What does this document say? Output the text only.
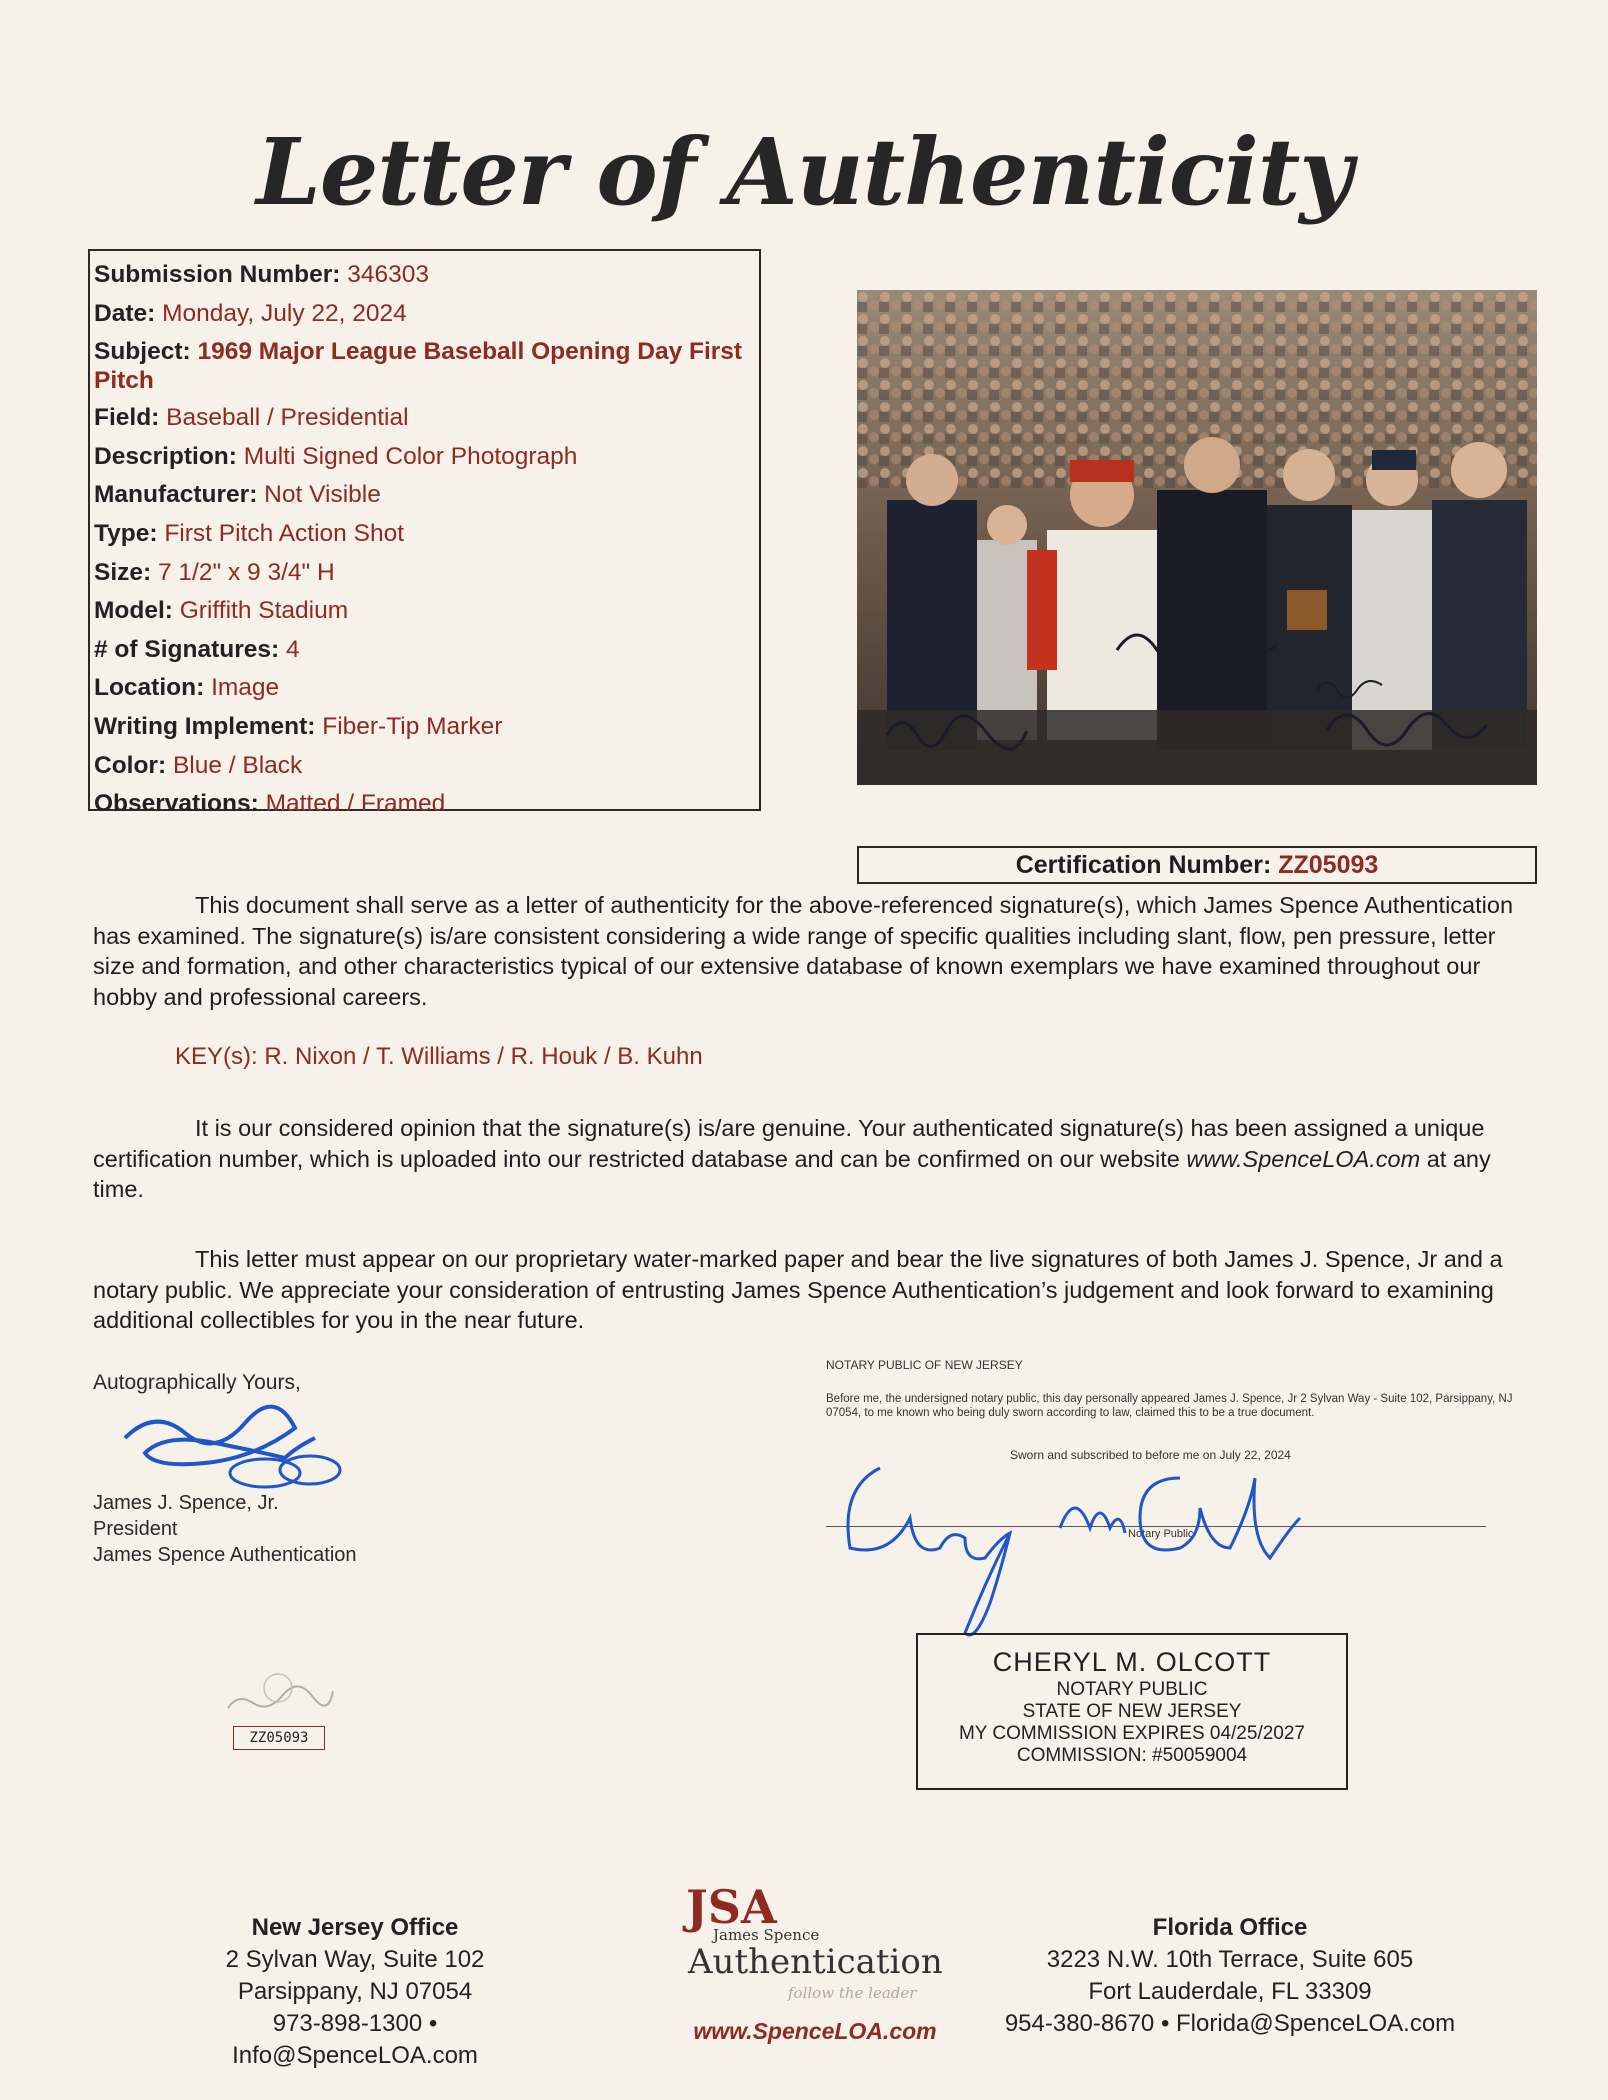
Letter of Authenticity
Submission Number: 346303
Date: Monday, July 22, 2024
Subject: 1969 Major League Baseball Opening Day First Pitch
Field: Baseball / Presidential
Description: Multi Signed Color Photograph
Manufacturer: Not Visible
Type: First Pitch Action Shot
Size: 7 1/2" x 9 3/4" H
Model: Griffith Stadium
# of Signatures: 4
Location: Image
Writing Implement: Fiber-Tip Marker
Color: Blue / Black
Observations: Matted / Framed
Certification Number: ZZ05093
This document shall serve as a letter of authenticity for the above-referenced signature(s), which James Spence Authentication has examined. The signature(s) is/are consistent considering a wide range of specific qualities including slant, flow, pen pressure, letter size and formation, and other characteristics typical of our extensive database of known exemplars we have examined throughout our hobby and professional careers.
KEY(s): R. Nixon / T. Williams / R. Houk / B. Kuhn
It is our considered opinion that the signature(s) is/are genuine. Your authenticated signature(s) has been assigned a unique certification number, which is uploaded into our restricted database and can be confirmed on our website www.SpenceLOA.com at any time.
This letter must appear on our proprietary water-marked paper and bear the live signatures of both James J. Spence, Jr and a notary public. We appreciate your consideration of entrusting James Spence Authentication’s judgement and look forward to examining additional collectibles for you in the near future.
Autographically Yours,
James J. Spence, Jr.
President
James Spence Authentication
NOTARY PUBLIC OF NEW JERSEY
Before me, the undersigned notary public, this day personally appeared James J. Spence, Jr 2 Sylvan Way - Suite 102, Parsippany, NJ 07054, to me known who being duly sworn according to law, claimed this to be a true document.
Sworn and subscribed to before me on July 22, 2024
Notary Public
CHERYL M. OLCOTT
NOTARY PUBLIC
STATE OF NEW JERSEY
MY COMMISSION EXPIRES 04/25/2027
COMMISSION: #50059004
ZZ05093
New Jersey Office
2 Sylvan Way, Suite 102
Parsippany, NJ 07054
973-898-1300 • Info@SpenceLOA.com
JSA
James Spence
Authentication
follow the leader
www.SpenceLOA.com
Florida Office
3223 N.W. 10th Terrace, Suite 605
Fort Lauderdale, FL 33309
954-380-8670 • Florida@SpenceLOA.com
